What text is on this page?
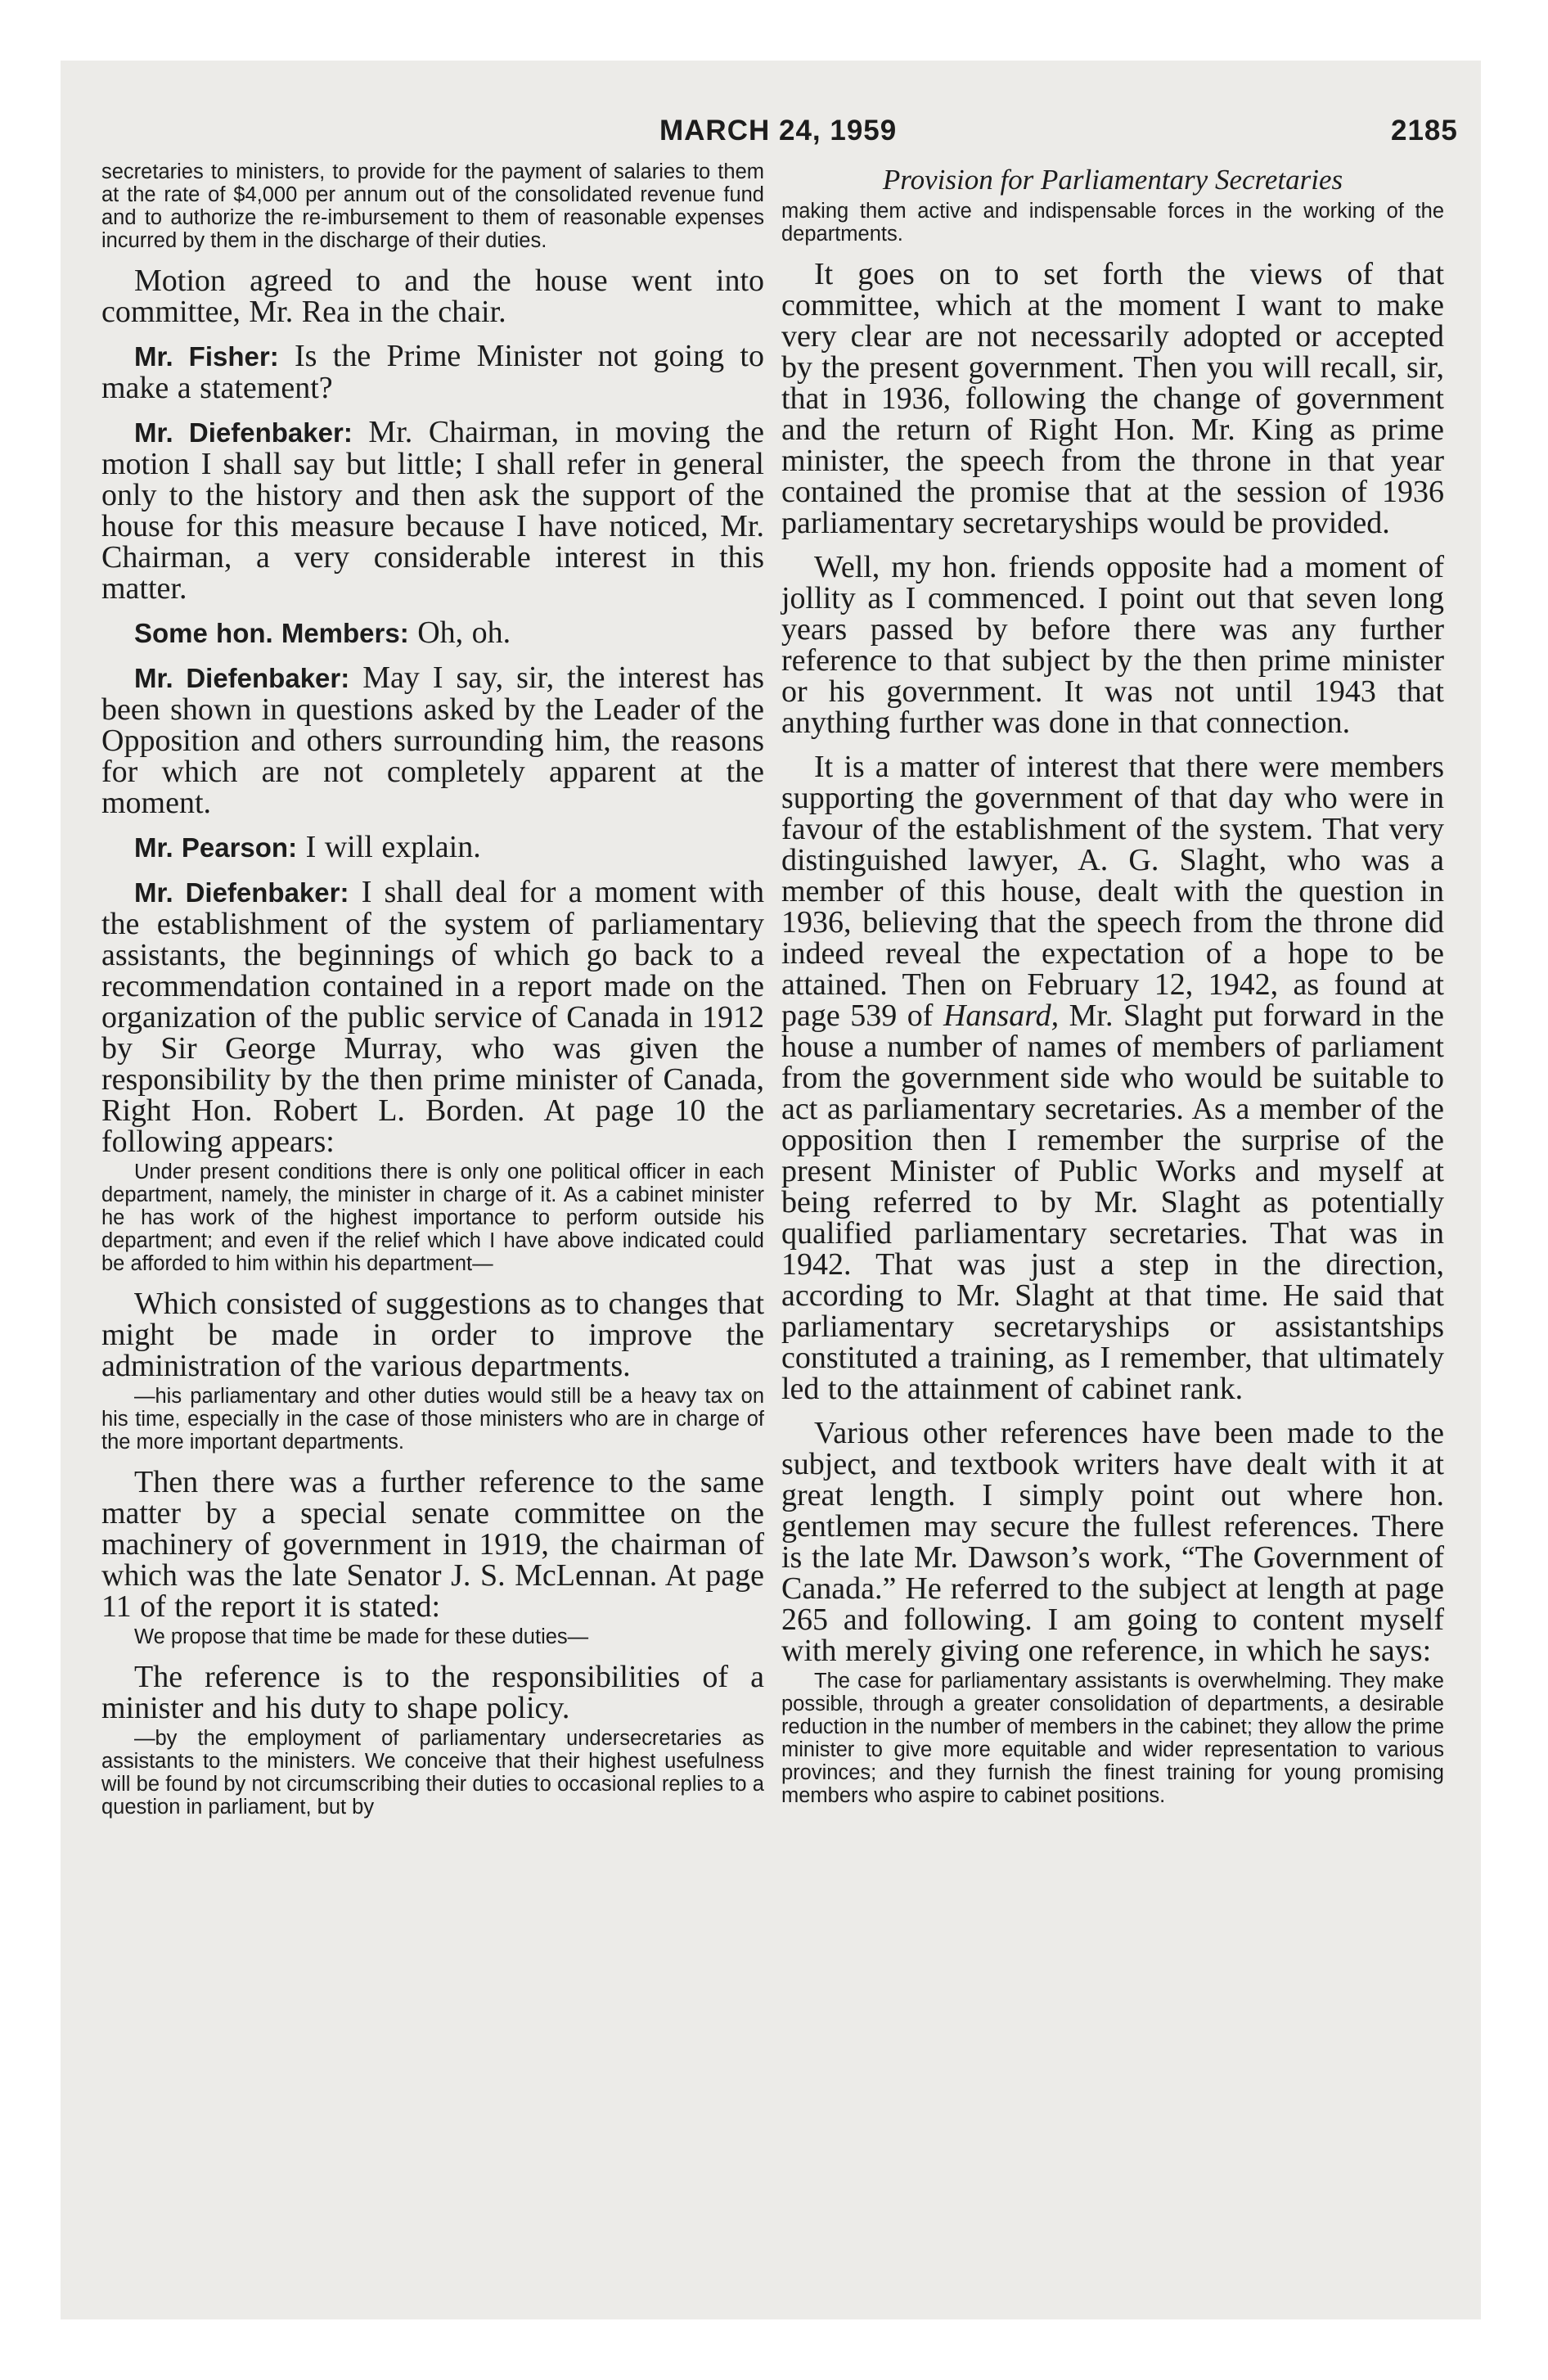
MARCH 24, 1959	2185

secretaries to ministers, to provide for the payment of salaries to them at the rate of $4,000 per annum out of the consolidated revenue fund and to authorize the re-imbursement to them of reasonable expenses incurred by them in the discharge of their duties.

Motion agreed to and the house went into committee, Mr. Rea in the chair.

Mr. Fisher: Is the Prime Minister not going to make a statement?

Mr. Diefenbaker: Mr. Chairman, in moving the motion I shall say but little; I shall refer in general only to the history and then ask the support of the house for this measure because I have noticed, Mr. Chairman, a very considerable interest in this matter.

Some hon. Members: Oh, oh.

Mr. Diefenbaker: May I say, sir, the interest has been shown in questions asked by the Leader of the Opposition and others surrounding him, the reasons for which are not completely apparent at the moment.

Mr. Pearson: I will explain.

Mr. Diefenbaker: I shall deal for a moment with the establishment of the system of parliamentary assistants, the beginnings of which go back to a recommendation contained in a report made on the organization of the public service of Canada in 1912 by Sir George Murray, who was given the responsibility by the then prime minister of Canada, Right Hon. Robert L. Borden. At page 10 the following appears:

Under present conditions there is only one political officer in each department, namely, the minister in charge of it. As a cabinet minister he has work of the highest importance to perform outside his department; and even if the relief which I have above indicated could be afforded to him within his department—

Which consisted of suggestions as to changes that might be made in order to improve the administration of the various departments.

—his parliamentary and other duties would still be a heavy tax on his time, especially in the case of those ministers who are in charge of the more important departments.

Then there was a further reference to the same matter by a special senate committee on the machinery of government in 1919, the chairman of which was the late Senator J. S. McLennan. At page 11 of the report it is stated:

We propose that time be made for these duties—

The reference is to the responsibilities of a minister and his duty to shape policy.

—by the employment of parliamentary undersecretaries as assistants to the ministers. We conceive that their highest usefulness will be found by not circumscribing their duties to occasional replies to a question in parliament, but by

Provision for Parliamentary Secretaries

making them active and indispensable forces in the working of the departments.

It goes on to set forth the views of that committee, which at the moment I want to make very clear are not necessarily adopted or accepted by the present government. Then you will recall, sir, that in 1936, following the change of government and the return of Right Hon. Mr. King as prime minister, the speech from the throne in that year contained the promise that at the session of 1936 parliamentary secretaryships would be provided.

Well, my hon. friends opposite had a moment of jollity as I commenced. I point out that seven long years passed by before there was any further reference to that subject by the then prime minister or his government. It was not until 1943 that anything further was done in that connection.

It is a matter of interest that there were members supporting the government of that day who were in favour of the establishment of the system. That very distinguished lawyer, A. G. Slaght, who was a member of this house, dealt with the question in 1936, believing that the speech from the throne did indeed reveal the expectation of a hope to be attained. Then on February 12, 1942, as found at page 539 of Hansard, Mr. Slaght put forward in the house a number of names of members of parliament from the government side who would be suitable to act as parliamentary secretaries. As a member of the opposition then I remember the surprise of the present Minister of Public Works and myself at being referred to by Mr. Slaght as potentially qualified parliamentary secretaries. That was in 1942. That was just a step in the direction, according to Mr. Slaght at that time. He said that parliamentary secretaryships or assistantships constituted a training, as I remember, that ultimately led to the attainment of cabinet rank.

Various other references have been made to the subject, and textbook writers have dealt with it at great length. I simply point out where hon. gentlemen may secure the fullest references. There is the late Mr. Dawson’s work, “The Government of Canada.” He referred to the subject at length at page 265 and following. I am going to content myself with merely giving one reference, in which he says:

The case for parliamentary assistants is overwhelming. They make possible, through a greater consolidation of departments, a desirable reduction in the number of members in the cabinet; they allow the prime minister to give more equitable and wider representation to various provinces; and they furnish the finest training for young promising members who aspire to cabinet positions.
